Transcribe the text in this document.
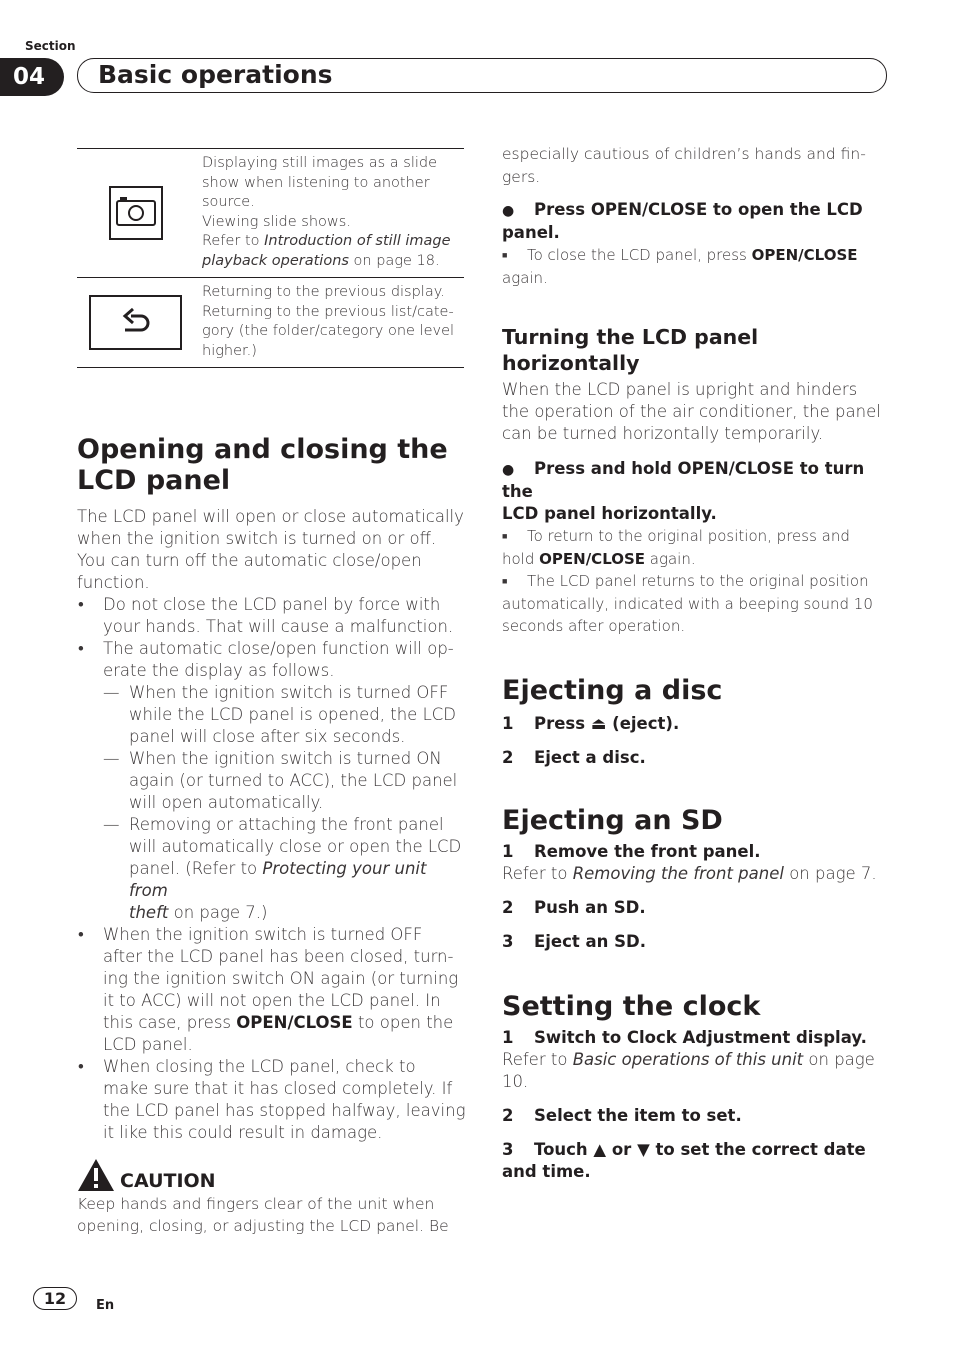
Section
04	Basic operations
Displaying still images as a slide
show when listening to another
source.
Viewing slide shows.
Refer to Introduction of still image
playback operations on page 18.
Returning to the previous display.
Returning to the previous list/cate-
gory (the folder/category one level
higher.)
Opening and closing the
LCD panel
The LCD panel will open or close automatically
when the ignition switch is turned on or off.
You can turn off the automatic close/open
function.
• Do not close the LCD panel by force with
your hands. That will cause a malfunction.
• The automatic close/open function will op-
erate the display as follows.
— When the ignition switch is turned OFF
while the LCD panel is opened, the LCD
panel will close after six seconds.
— When the ignition switch is turned ON
again (or turned to ACC), the LCD panel
will open automatically.
— Removing or attaching the front panel
will automatically close or open the LCD
panel. (Refer to Protecting your unit from
theft on page 7.)
• When the ignition switch is turned OFF
after the LCD panel has been closed, turn-
ing the ignition switch ON again (or turning
it to ACC) will not open the LCD panel. In
this case, press OPEN/CLOSE to open the
LCD panel.
• When closing the LCD panel, check to
make sure that it has closed completely. If
the LCD panel has stopped halfway, leaving
it like this could result in damage.
CAUTION
Keep hands and fingers clear of the unit when
opening, closing, or adjusting the LCD panel. Be
especially cautious of children’s hands and fin-
gers.
● Press OPEN/CLOSE to open the LCD
panel.
■ To close the LCD panel, press OPEN/CLOSE
again.
Turning the LCD panel horizontally
When the LCD panel is upright and hinders
the operation of the air conditioner, the panel
can be turned horizontally temporarily.
● Press and hold OPEN/CLOSE to turn the
LCD panel horizontally.
■ To return to the original position, press and
hold OPEN/CLOSE again.
■ The LCD panel returns to the original position
automatically, indicated with a beeping sound 10
seconds after operation.
Ejecting a disc
1 Press ⏏ (eject).
2 Eject a disc.
Ejecting an SD
1 Remove the front panel.
Refer to Removing the front panel on page 7.
2 Push an SD.
3 Eject an SD.
Setting the clock
1 Switch to Clock Adjustment display.
Refer to Basic operations of this unit on page
10.
2 Select the item to set.
3 Touch ▲ or ▼ to set the correct date
and time.
12	En
